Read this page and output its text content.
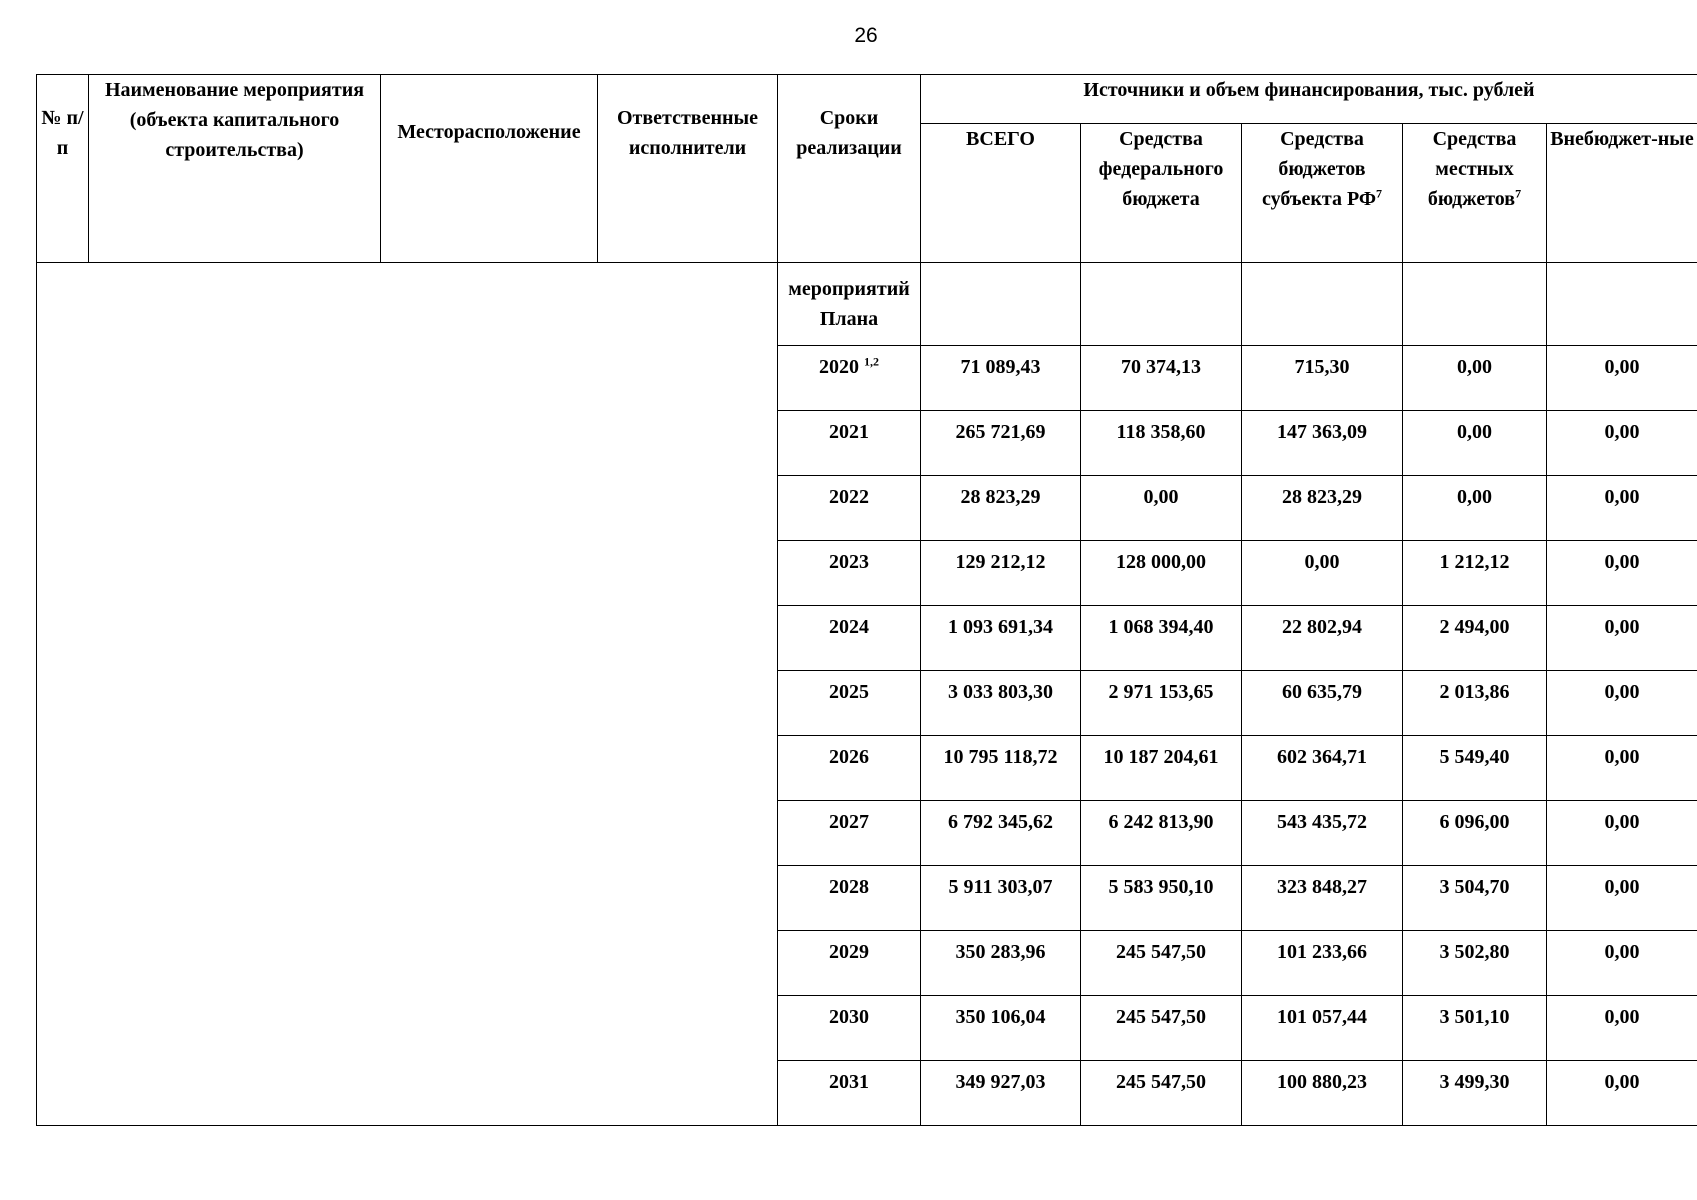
26
№ п/п	Наименование мероприятия (объекта капитального строительства)	Месторасположение	Ответственные исполнители	Сроки реализации	Источники и объем финансирования, тыс. рублей				
					ВСЕГО	Средства федерального бюджета	Средства бюджетов субъекта $РФ^7$	Средства местных бюджетов$^7$	Внебюджет-ные
				мероприятий Плана					
				2020 $^{1,2}$	71 089,43	70 374,13	715,30	0,00	0,00
				2021	265 721,69	118 358,60	147 363,09	0,00	0,00
				2022	28 823,29	0,00	28 823,29	0,00	0,00
				2023	129 212,12	128 000,00	0,00	1 212,12	0,00
				2024	1 093 691,34	1 068 394,40	22 802,94	2 494,00	0,00
				2025	3 033 803,30	2 971 153,65	60 635,79	2 013,86	0,00
				2026	10 795 118,72	10 187 204,61	602 364,71	5 549,40	0,00
				2027	6 792 345,62	6 242 813,90	543 435,72	6 096,00	0,00
				2028	5 911 303,07	5 583 950,10	323 848,27	3 504,70	0,00
				2029	350 283,96	245 547,50	101 233,66	3 502,80	0,00
				2030	350 106,04	245 547,50	101 057,44	3 501,10	0,00
				2031	349 927,03	245 547,50	100 880,23	3 499,30	0,00
